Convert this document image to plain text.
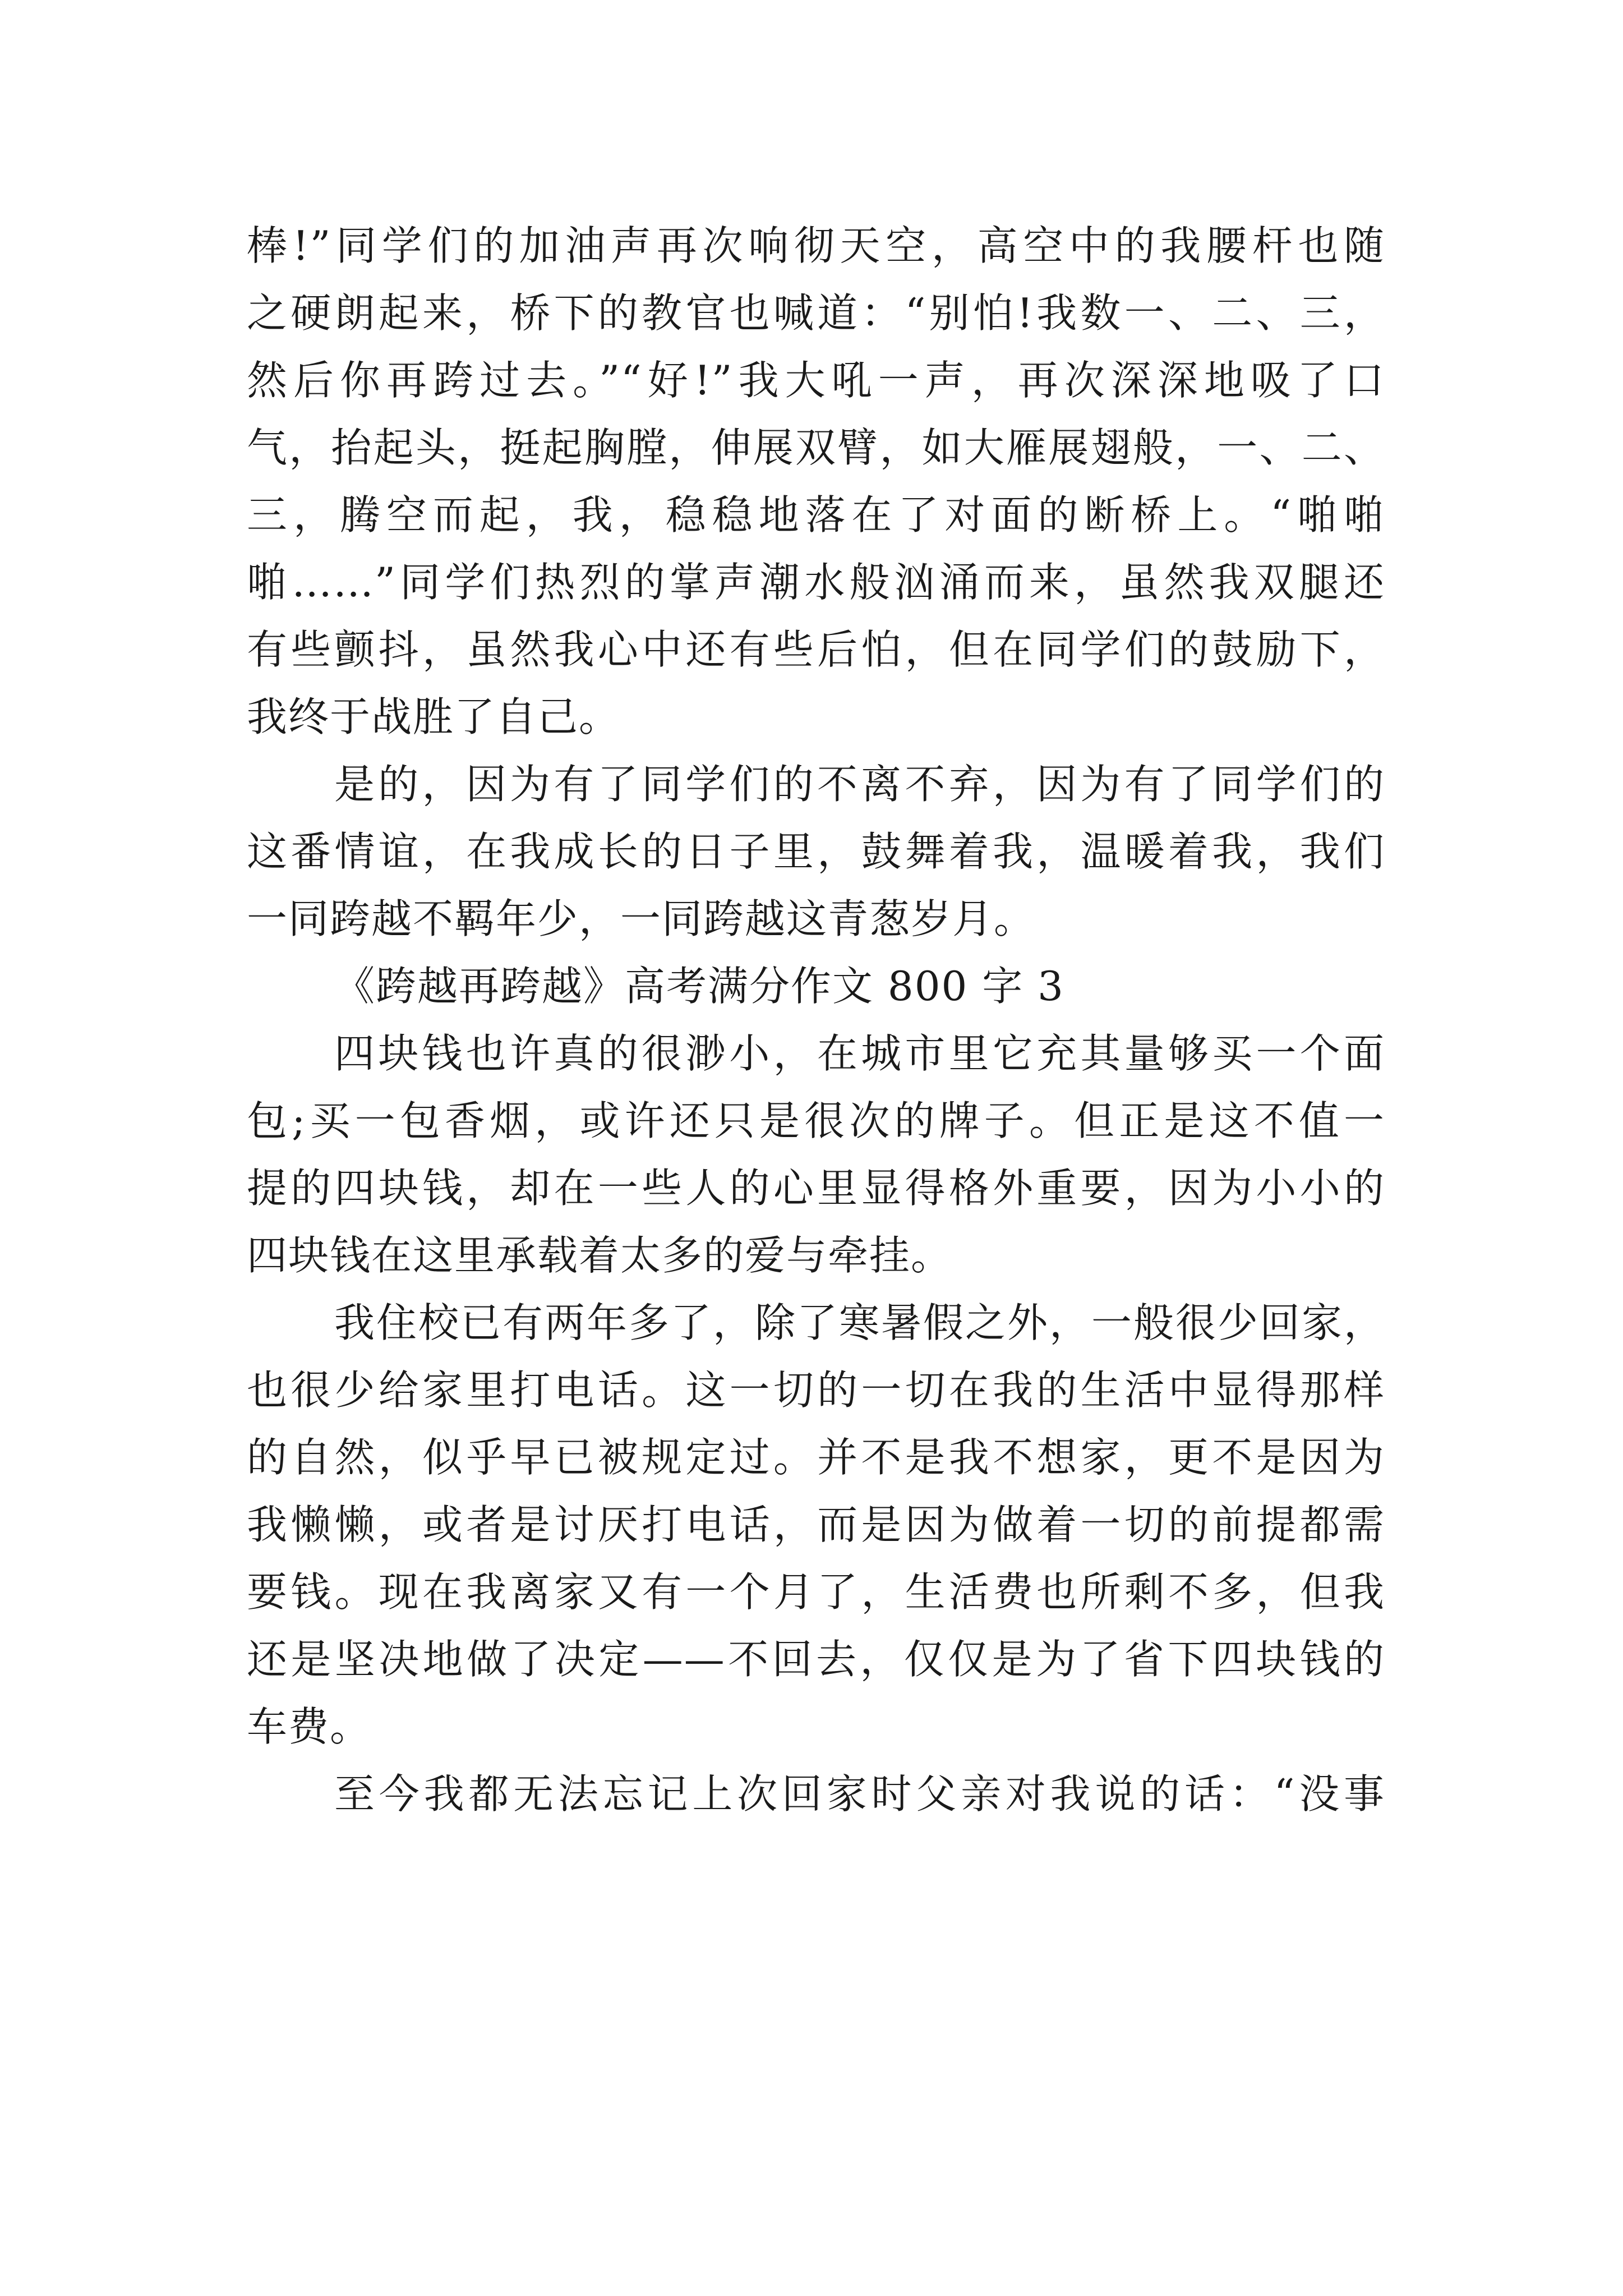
棒!”同学们的加油声再次响彻天空，高空中的我腰杆也随
之硬朗起来，桥下的教官也喊道：“别怕!我数一、二、三，
然后你再跨过去。”“好!”我大吼一声，再次深深地吸了口
气，抬起头，挺起胸膛，伸展双臂，如大雁展翅般，一、二、
三，腾空而起，我，稳稳地落在了对面的断桥上。“啪啪
啪……”同学们热烈的掌声潮水般汹涌而来，虽然我双腿还
有些颤抖，虽然我心中还有些后怕，但在同学们的鼓励下，
我终于战胜了自己。
是的，因为有了同学们的不离不弃，因为有了同学们的
这番情谊，在我成长的日子里，鼓舞着我，温暖着我，我们
一同跨越不羁年少，一同跨越这青葱岁月。
《跨越再跨越》高考满分作文 800 字 3
四块钱也许真的很渺小，在城市里它充其量够买一个面
包;买一包香烟，或许还只是很次的牌子。但正是这不值一
提的四块钱，却在一些人的心里显得格外重要，因为小小的
四块钱在这里承载着太多的爱与牵挂。
我住校已有两年多了，除了寒暑假之外，一般很少回家，
也很少给家里打电话。这一切的一切在我的生活中显得那样
的自然，似乎早已被规定过。并不是我不想家，更不是因为
我懒懒，或者是讨厌打电话，而是因为做着一切的前提都需
要钱。现在我离家又有一个月了，生活费也所剩不多，但我
还是坚决地做了决定——不回去，仅仅是为了省下四块钱的
车费。
至今我都无法忘记上次回家时父亲对我说的话：“没事
